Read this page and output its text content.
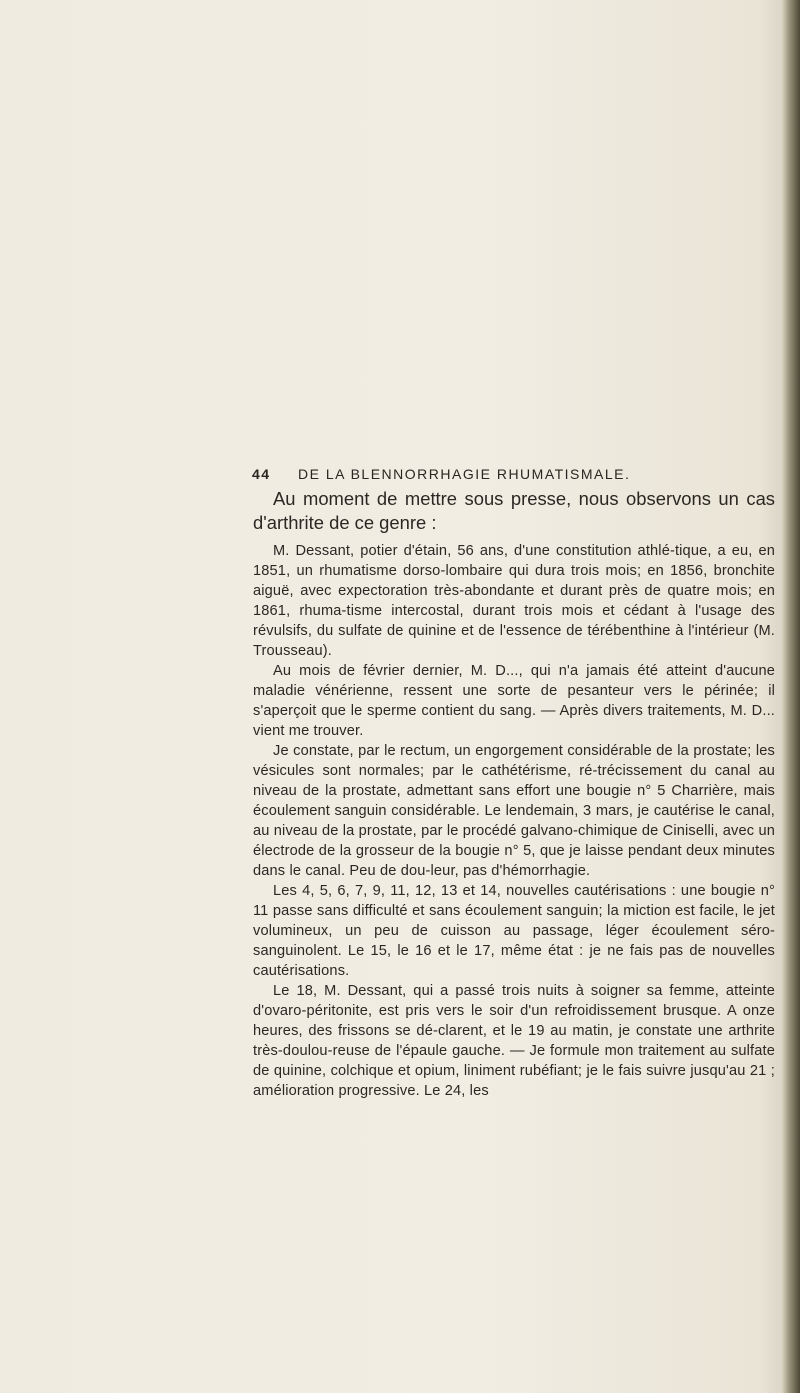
44 DE LA BLENNORRHAGIE RHUMATISMALE.

Au moment de mettre sous presse, nous observons un cas d'arthrite de ce genre :

M. Dessant, potier d'étain, 56 ans, d'une constitution athlé-tique, a eu, en 1851, un rhumatisme dorso-lombaire qui dura trois mois; en 1856, bronchite aiguë, avec expectoration très-abondante et durant près de quatre mois; en 1861, rhuma-tisme intercostal, durant trois mois et cédant à l'usage des révulsifs, du sulfate de quinine et de l'essence de térébenthine à l'intérieur (M. Trousseau).

Au mois de février dernier, M. D..., qui n'a jamais été atteint d'aucune maladie vénérienne, ressent une sorte de pesanteur vers le périnée; il s'aperçoit que le sperme contient du sang. — Après divers traitements, M. D... vient me trouver.

Je constate, par le rectum, un engorgement considérable de la prostate; les vésicules sont normales; par le cathétérisme, ré-trécissement du canal au niveau de la prostate, admettant sans effort une bougie n° 5 Charrière, mais écoulement sanguin considérable. Le lendemain, 3 mars, je cautérise le canal, au niveau de la prostate, par le procédé galvano-chimique de Ciniselli, avec un électrode de la grosseur de la bougie n° 5, que je laisse pendant deux minutes dans le canal. Peu de dou-leur, pas d'hémorrhagie.

Les 4, 5, 6, 7, 9, 11, 12, 13 et 14, nouvelles cautérisations : une bougie n° 11 passe sans difficulté et sans écoulement sanguin; la miction est facile, le jet volumineux, un peu de cuisson au passage, léger écoulement séro-sanguinolent. Le 15, le 16 et le 17, même état : je ne fais pas de nouvelles cautérisations.

Le 18, M. Dessant, qui a passé trois nuits à soigner sa femme, atteinte d'ovaro-péritonite, est pris vers le soir d'un refroidissement brusque. A onze heures, des frissons se dé-clarent, et le 19 au matin, je constate une arthrite très-doulou-reuse de l'épaule gauche. — Je formule mon traitement au sulfate de quinine, colchique et opium, liniment rubéfiant; je le fais suivre jusqu'au 21 ; amélioration progressive. Le 24, les
